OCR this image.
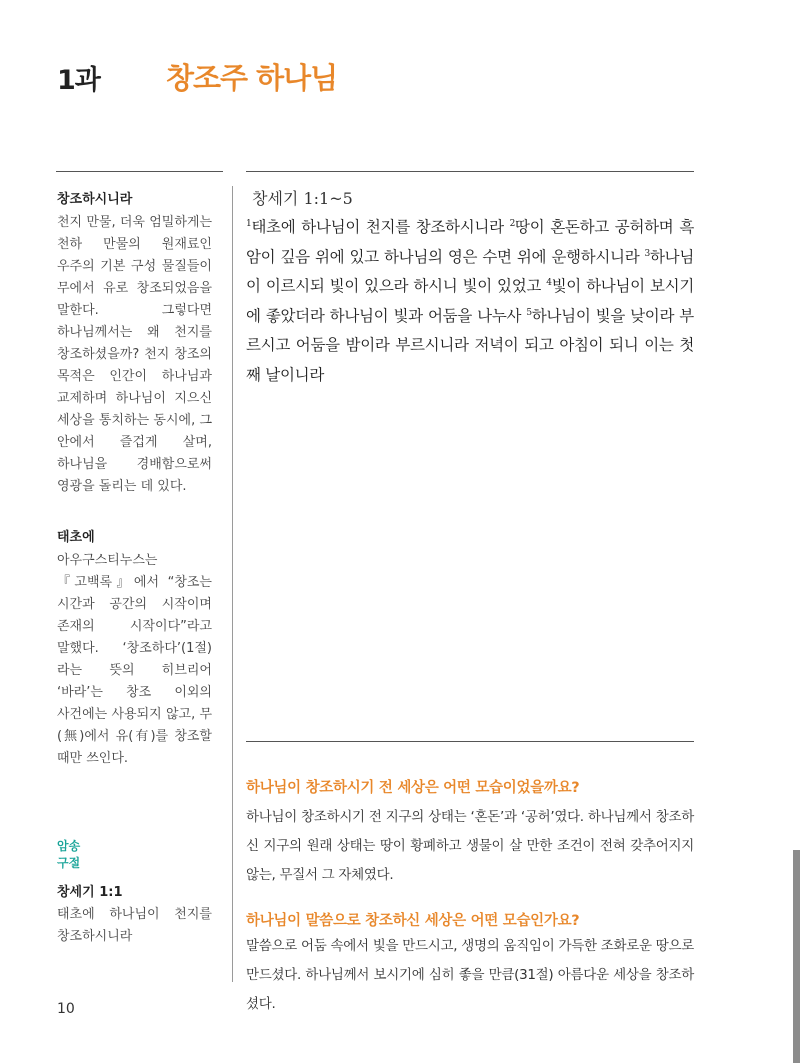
1과 창조주 하나님
창조하시니라

천지 만물, 더욱 엄밀하게는 천하 만물의 원재료인 우주의 기본 구성 물질들이 무에서 유로 창조되었음을 말한다. 그렇다면 하나님께서는 왜 천지를 창조하셨을까? 천지 창조의 목적은 인간이 하나님과 교제하며 하나님이 지으신 세상을 통치하는 동시에, 그 안에서 즐겁게 살며, 하나님을 경배함으로써 영광을 돌리는 데 있다.

태초에

아우구스티누스는 『고백록』에서 “창조는 시간과 공간의 시작이며 존재의 시작이다”라고 말했다. ‘창조하다’(1절)라는 뜻의 히브리어 ‘바라’는 창조 이외의 사건에는 사용되지 않고, 무(無)에서 유(有)를 창조할 때만 쓰인다.

암송
구절
창세기 1:1

태초에 하나님이 천지를 창조하시니라

창세기 1:1~5

$^1$태초에 하나님이 천지를 창조하시니라 $^2$땅이 혼돈하고 공허하며 흑암이 깊음 위에 있고 하나님의 영은 수면 위에 운행하시니라 $^3$하나님이 이르시되 빛이 있으라 하시니 빛이 있었고 $^4$빛이 하나님이 보시기에 좋았더라 하나님이 빛과 어둠을 나누사 $^5$하나님이 빛을 낮이라 부르시고 어둠을 밤이라 부르시니라 저녁이 되고 아침이 되니 이는 첫째 날이니라

하나님이 창조하시기 전 세상은 어떤 모습이었을까요?

하나님이 창조하시기 전 지구의 상태는 ‘혼돈’과 ‘공허’였다. 하나님께서 창조하신 지구의 원래 상태는 땅이 황폐하고 생물이 살 만한 조건이 전혀 갖추어지지 않는, 무질서 그 자체였다.

하나님이 말씀으로 창조하신 세상은 어떤 모습인가요?

말씀으로 어둠 속에서 빛을 만드시고, 생명의 움직임이 가득한 조화로운 땅으로 만드셨다. 하나님께서 보시기에 심히 좋을 만큼(31절) 아름다운 세상을 창조하셨다.

10
